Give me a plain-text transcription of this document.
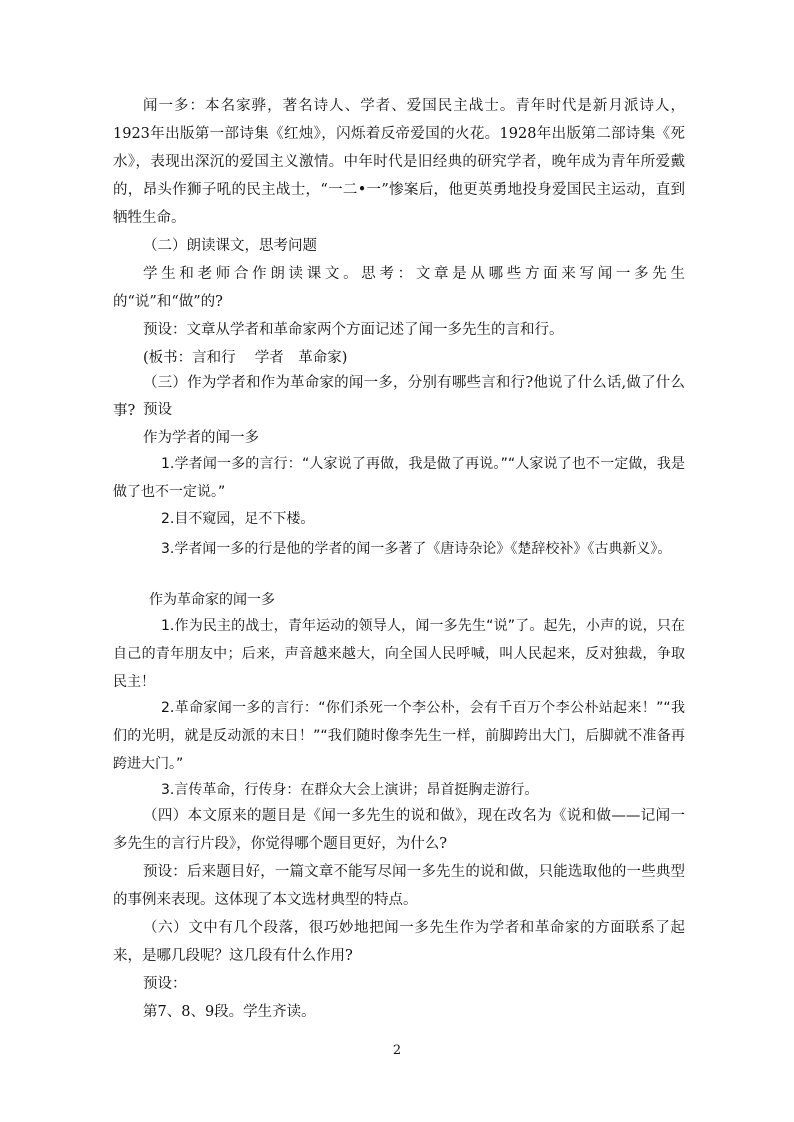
闻一多：本名家骅，著名诗人、学者、爱国民主战士。青年时代是新月派诗人，1923年出版第一部诗集《红烛》，闪烁着反帝爱国的火花。1928年出版第二部诗集《死水》，表现出深沉的爱国主义激情。中年时代是旧经典的研究学者，晚年成为青年所爱戴的，昂头作狮子吼的民主战士，“一二•一”惨案后，他更英勇地投身爱国民主运动，直到牺牲生命。

（二）朗读课文，思考问题

学生和老师合作朗读课文。思考：文章是从哪些方面来写闻一多先生的“说”和“做”的?

预设：文章从学者和革命家两个方面记述了闻一多先生的言和行。

(板书：言和行　 学者　革命家)

（三）作为学者和作为革命家的闻一多，分别有哪些言和行?他说了什么话,做了什么事? 预设

作为学者的闻一多

1.学者闻一多的言行：“人家说了再做，我是做了再说。”“人家说了也不一定做，我是做了也不一定说。”

2.目不窥园，足不下楼。

3.学者闻一多的行是他的学者的闻一多著了《唐诗杂论》《楚辞校补》《古典新义》。

作为革命家的闻一多

1.作为民主的战士，青年运动的领导人，闻一多先生“说”了。起先，小声的说，只在自己的青年朋友中；后来，声音越来越大，向全国人民呼喊，叫人民起来，反对独裁，争取民主！

2.革命家闻一多的言行：“你们杀死一个李公朴，会有千百万个李公朴站起来！”“我们的光明，就是反动派的末日！”“我们随时像李先生一样，前脚跨出大门，后脚就不准备再跨进大门。”

3.言传革命，行传身：在群众大会上演讲；昂首挺胸走游行。

（四）本文原来的题目是《闻一多先生的说和做》，现在改名为《说和做——记闻一多先生的言行片段》，你觉得哪个题目更好，为什么?

预设：后来题目好，一篇文章不能写尽闻一多先生的说和做，只能选取他的一些典型的事例来表现。这体现了本文选材典型的特点。

（六）文中有几个段落，很巧妙地把闻一多先生作为学者和革命家的方面联系了起来，是哪几段呢？这几段有什么作用?

预设：

第7、8、9段。学生齐读。

2
